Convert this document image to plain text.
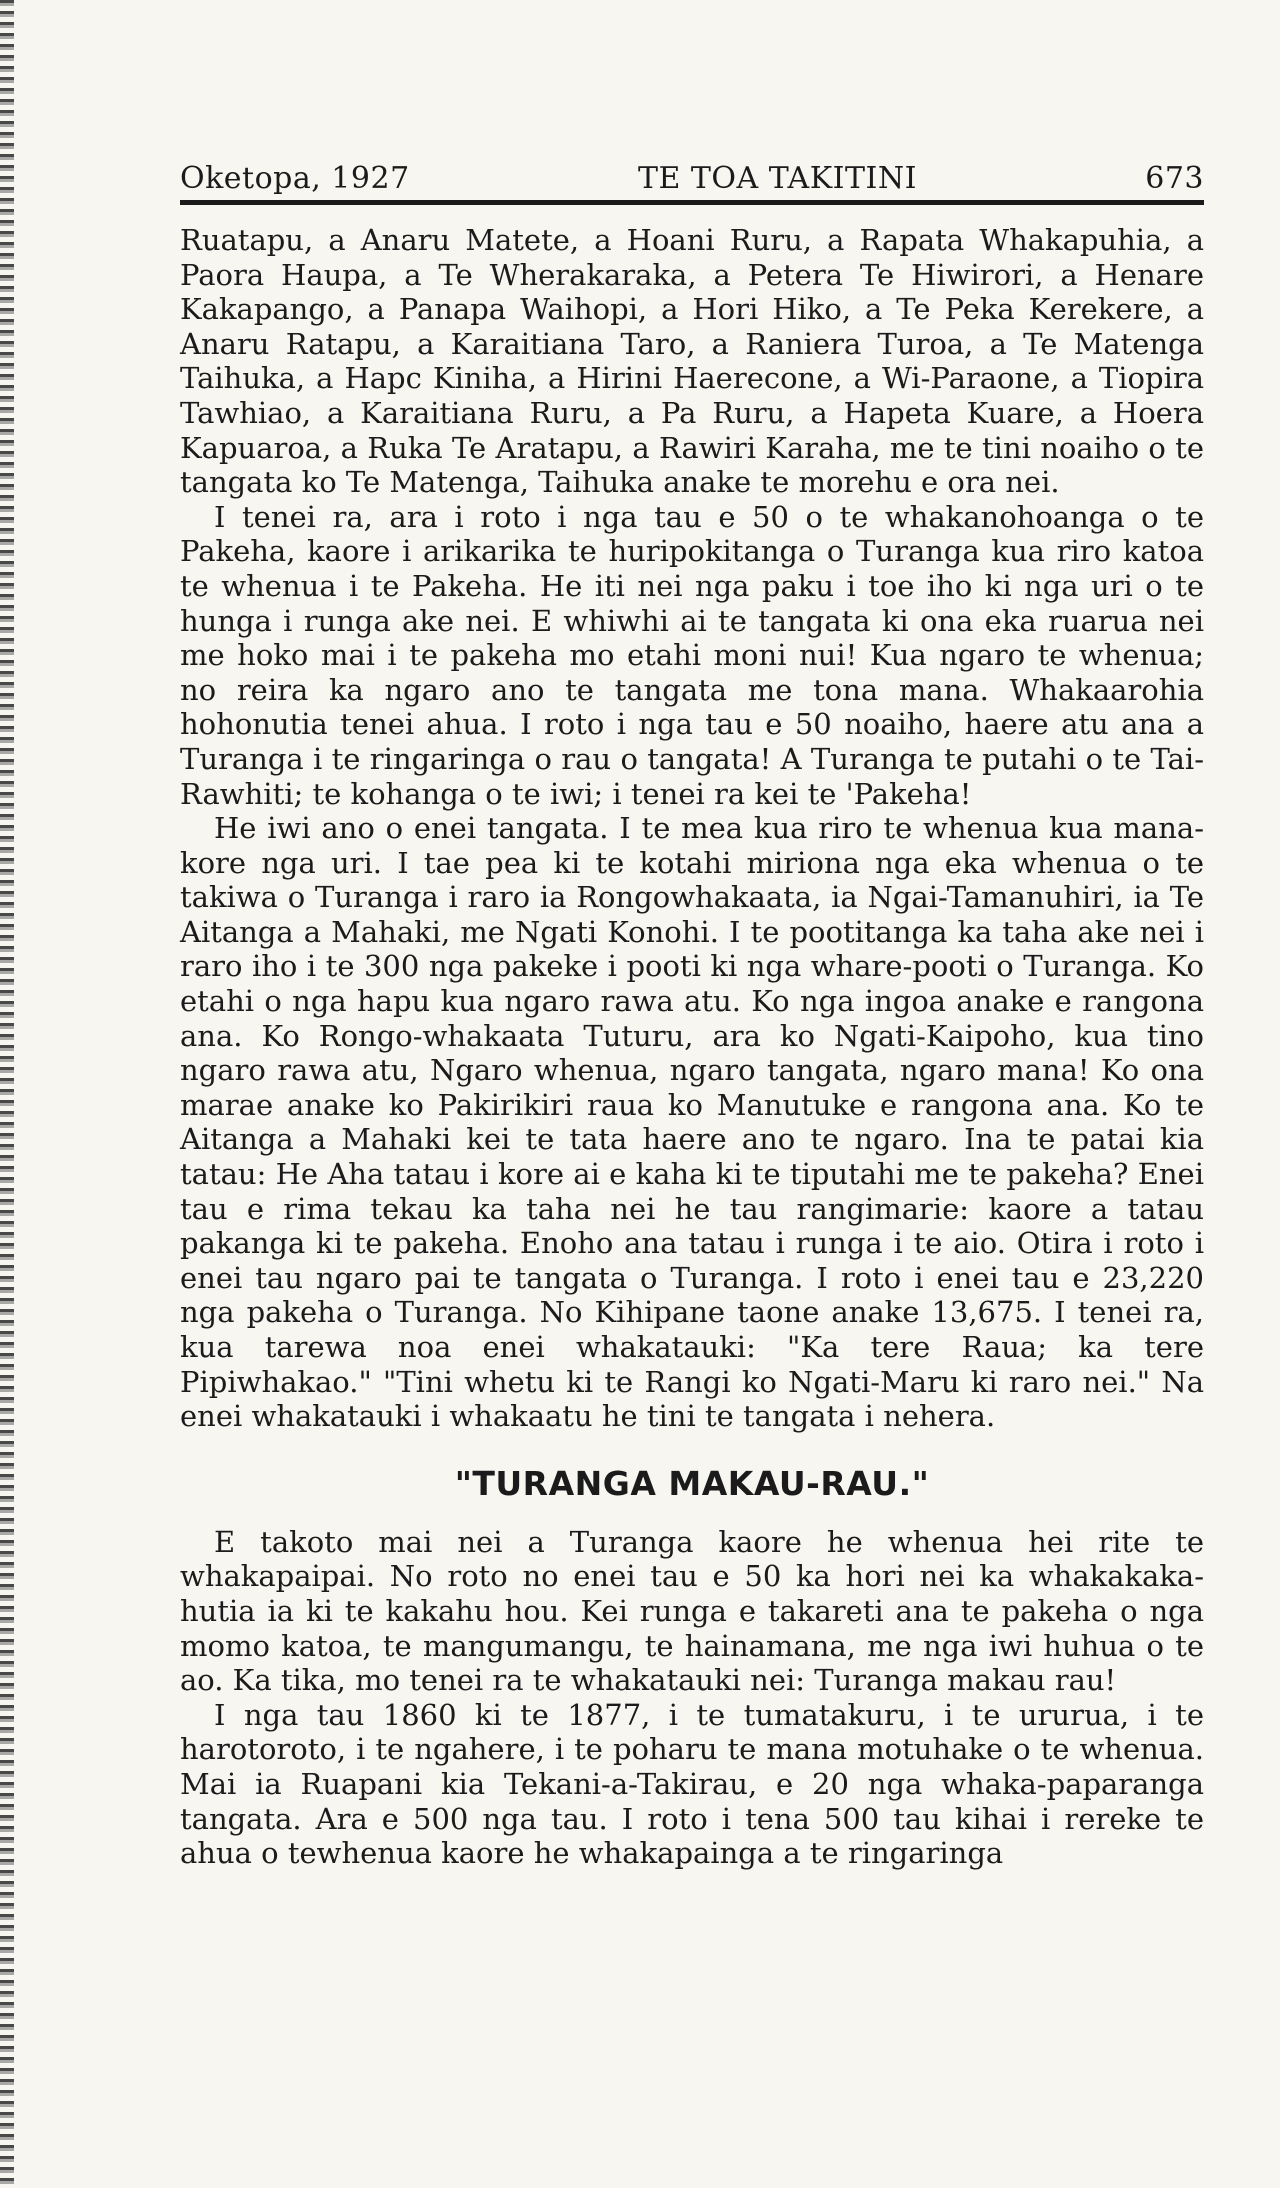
Oketopa, 1927	TE TOA TAKITINI	673

Ruatapu, a Anaru Matete, a Hoani Ruru, a Rapata Whakapuhia, a Paora Haupa, a Te Wherakaraka, a Petera Te Hiwirori, a Henare Kakapango, a Panapa Waihopi, a Hori Hiko, a Te Peka Kerekere, a Anaru Ratapu, a Karaitiana Taro, a Raniera Turoa, a Te Matenga Taihuka, a Hapc Kiniha, a Hirini Haerecone, a Wi-Paraone, a Tiopira Tawhiao, a Karaitiana Ruru, a Pa Ruru, a Hapeta Kuare, a Hoera Kapuaroa, a Ruka Te Aratapu, a Rawiri Karaha, me te tini noaiho o te tangata ko Te Matenga, Taihuka anake te morehu e ora nei.

I tenei ra, ara i roto i nga tau e 50 o te whakanohoanga o te Pakeha, kaore i arikarika te huripokitanga o Turanga kua riro katoa te whenua i te Pakeha. He iti nei nga paku i toe iho ki nga uri o te hunga i runga ake nei. E whiwhi ai te tangata ki ona eka ruarua nei me hoko mai i te pakeha mo etahi moni nui! Kua ngaro te whenua; no reira ka ngaro ano te tangata me tona mana. Whakaarohia hohonutia tenei ahua. I roto i nga tau e 50 noaiho, haere atu ana a Turanga i te ringaringa o rau o tangata! A Turanga te putahi o te Tai-Rawhiti; te kohanga o te iwi; i tenei ra kei te 'Pakeha!

He iwi ano o enei tangata. I te mea kua riro te whenua kua mana-kore nga uri. I tae pea ki te kotahi miriona nga eka whenua o te takiwa o Turanga i raro ia Rongowhakaata, ia Ngai-Tamanuhiri, ia Te Aitanga a Mahaki, me Ngati Konohi. I te pootitanga ka taha ake nei i raro iho i te 300 nga pakeke i pooti ki nga whare-pooti o Turanga. Ko etahi o nga hapu kua ngaro rawa atu. Ko nga ingoa anake e rangona ana. Ko Rongo-whakaata Tuturu, ara ko Ngati-Kaipoho, kua tino ngaro rawa atu, Ngaro whenua, ngaro tangata, ngaro mana! Ko ona marae anake ko Pakirikiri raua ko Manutuke e rangona ana. Ko te Aitanga a Mahaki kei te tata haere ano te ngaro. Ina te patai kia tatau: He Aha tatau i kore ai e kaha ki te tiputahi me te pakeha? Enei tau e rima tekau ka taha nei he tau rangimarie: kaore a tatau pakanga ki te pakeha. Enoho ana tatau i runga i te aio. Otira i roto i enei tau ngaro pai te tangata o Turanga. I roto i enei tau e 23,220 nga pakeha o Turanga. No Kihipane taone anake 13,675. I tenei ra, kua tarewa noa enei whakatauki: "Ka tere Raua; ka tere Pipiwhakao." "Tini whetu ki te Rangi ko Ngati-Maru ki raro nei." Na enei whakatauki i whakaatu he tini te tangata i nehera.

"TURANGA MAKAU-RAU."

E takoto mai nei a Turanga kaore he whenua hei rite te whakapaipai. No roto no enei tau e 50 ka hori nei ka whakakaka-hutia ia ki te kakahu hou. Kei runga e takareti ana te pakeha o nga momo katoa, te mangumangu, te hainamana, me nga iwi huhua o te ao. Ka tika, mo tenei ra te whakatauki nei: Turanga makau rau!

I nga tau 1860 ki te 1877, i te tumatakuru, i te ururua, i te harotoroto, i te ngahere, i te poharu te mana motuhake o te whenua. Mai ia Ruapani kia Tekani-a-Takirau, e 20 nga whaka-paparanga tangata. Ara e 500 nga tau. I roto i tena 500 tau kihai i rereke te ahua o tewhenua kaore he whakapainga a te ringaringa
